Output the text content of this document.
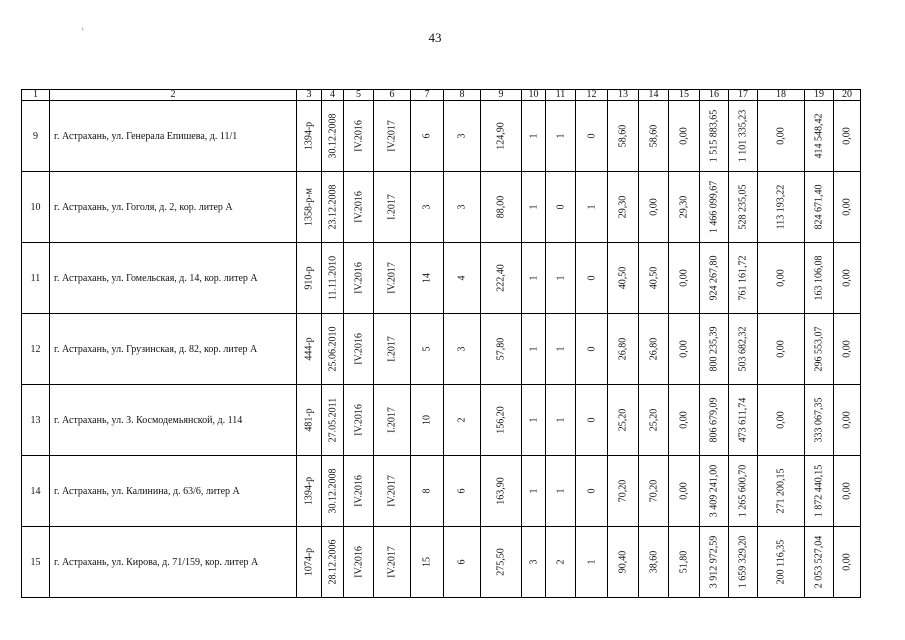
43
ᵗ
1	2	3	4	5	6	7	8	9	10	11	12	13	14	15	16	17	18	19	20
9	г. Астрахань, ул. Генерала Епишева, д. 11/1	1394-р	30.12.2008	IV.2016	IV.2017	6	3	124,90	1	1	0	58,60	58,60	0,00	1 515 883,65	1 101 335,23	0,00	414 548,42	0,00

10	г. Астрахань, ул. Гоголя, д. 2, кор. литер А	1358-р-м	23.12.2008	IV.2016	I.2017	3	3	88,00	1	0	1	29,30	0,00	29,30	1 466 099,67	528 235,05	113 193,22	824 671,40	0,00

11	г. Астрахань, ул. Гомельская, д. 14, кор. литер А	910-р	11.11.2010	IV.2016	IV.2017	14	4	222,40	1	1	0	40,50	40,50	0,00	924 267,80	761 161,72	0,00	163 106,08	0,00

12	г. Астрахань, ул. Грузинская, д. 82, кор. литер А	444-р	25.06.2010	IV.2016	I.2017	5	3	57,80	1	1	0	26,80	26,80	0,00	800 235,39	503 682,32	0,00	296 553,07	0,00

13	г. Астрахань, ул. З. Космодемьянской, д. 114	481-р	27.05.2011	IV.2016	I.2017	10	2	156,20	1	1	0	25,20	25,20	0,00	806 679,09	473 611,74	0,00	333 067,35	0,00

14	г. Астрахань, ул. Калинина, д. 63/6, литер А	1394-р	30.12.2008	IV.2016	IV.2017	8	6	163,90	1	1	0	70,20	70,20	0,00	3 409 241,00	1 265 600,70	271 200,15	1 872 440,15	0,00

15	г. Астрахань, ул. Кирова, д. 71/159, кор. литер А	1074-р	28.12.2006	IV.2016	IV.2017	15	6	275,50	3	2	1	90,40	38,60	51,80	3 912 972,59	1 659 329,20	200 116,35	2 053 527,04	0,00
